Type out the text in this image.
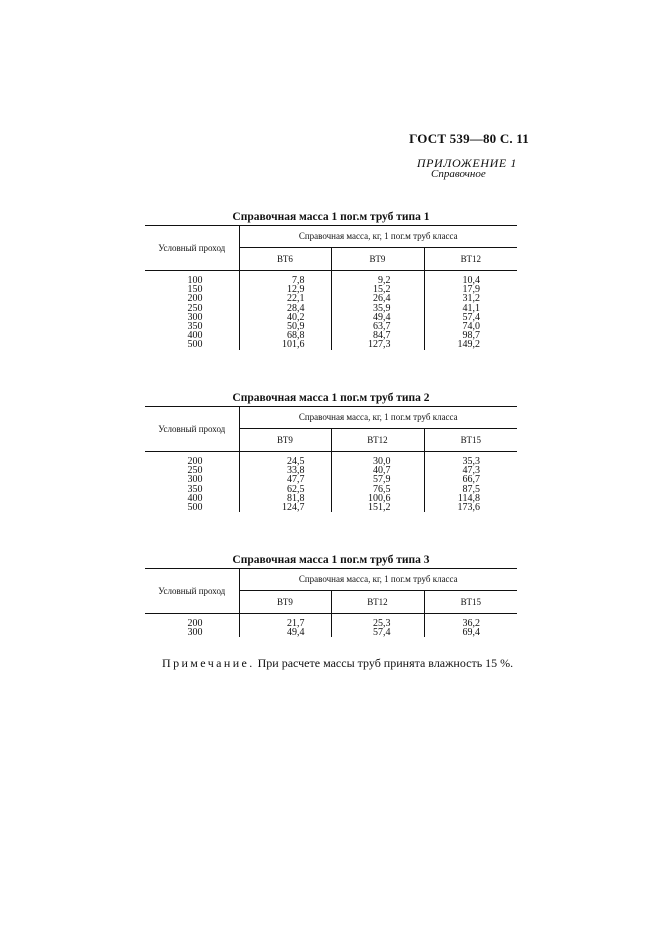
ГОСТ 539—80 С. 11
ПРИЛОЖЕНИЕ 1
Справочное
Справочная масса 1 пог.м труб типа 1
Условный проход	Справочная масса, кг, 1 пог.м труб класса		
	ВТ6	ВТ9	ВТ12
100	7,8	9,2	10,4
150	12,9	15,2	17,9
200	22,1	26,4	31,2
250	28,4	35,9	41,1
300	40,2	49,4	57,4
350	50,9	63,7	74,0
400	68,8	84,7	98,7
500	101,6	127,3	149,2
Справочная масса 1 пог.м труб типа 2
Условный проход	Справочная масса, кг, 1 пог.м труб класса		
	ВТ9	ВТ12	ВТ15
200	24,5	30,0	35,3
250	33,8	40,7	47,3
300	47,7	57,9	66,7
350	62,5	76,5	87,5
400	81,8	100,6	114,8
500	124,7	151,2	173,6
Справочная масса 1 пог.м труб типа 3
Условный проход	Справочная масса, кг, 1 пог.м труб класса		
	ВТ9	ВТ12	ВТ15
200	21,7	25,3	36,2
300	49,4	57,4	69,4
Примечание. При расчете массы труб принята влажность 15 %.
